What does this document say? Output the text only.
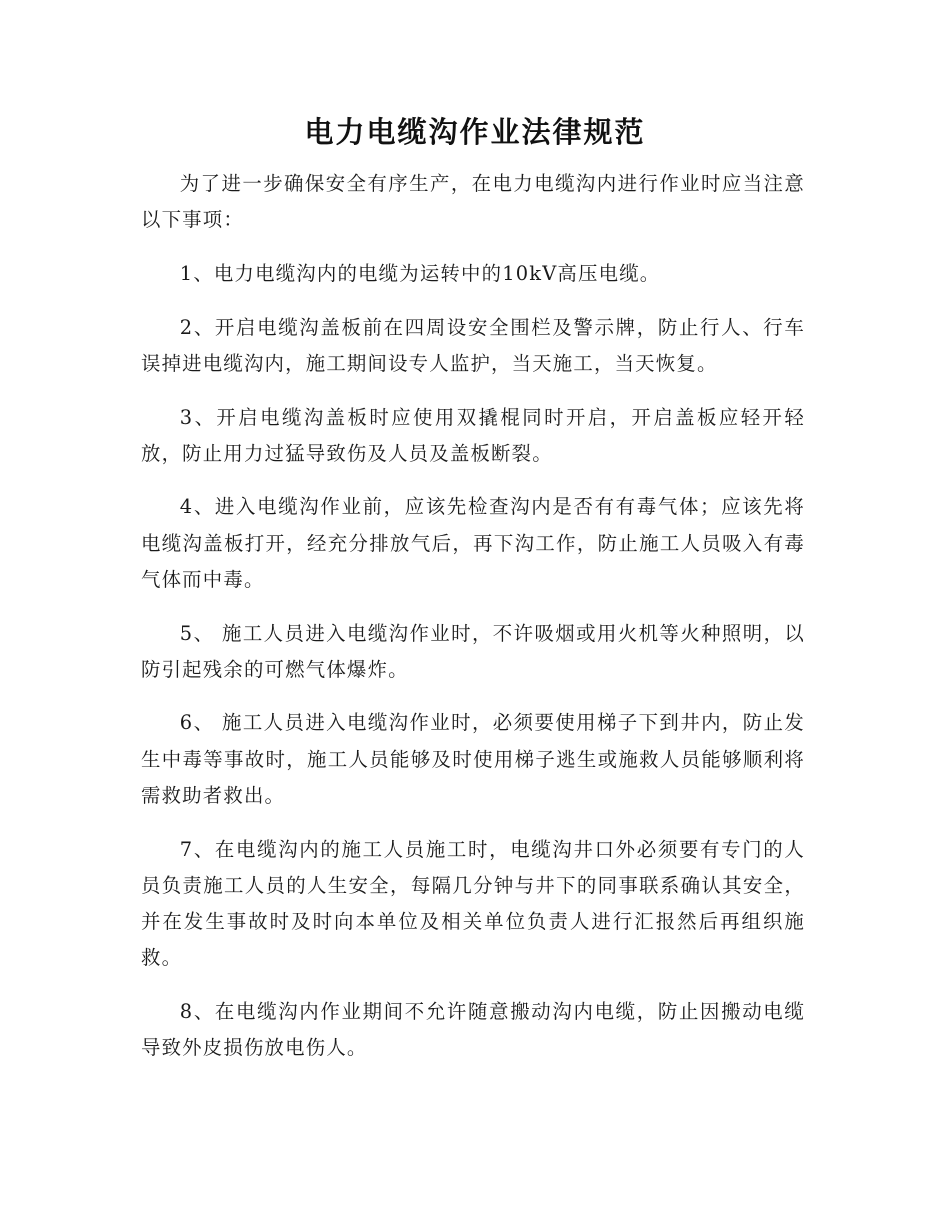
电力电缆沟作业法律规范

为了进一步确保安全有序生产，在电力电缆沟内进行作业时应当注意以下事项：

1、电力电缆沟内的电缆为运转中的10kV高压电缆。

2、开启电缆沟盖板前在四周设安全围栏及警示牌，防止行人、行车误掉进电缆沟内，施工期间设专人监护，当天施工，当天恢复。

3、开启电缆沟盖板时应使用双撬棍同时开启，开启盖板应轻开轻放，防止用力过猛导致伤及人员及盖板断裂。

4、进入电缆沟作业前，应该先检查沟内是否有有毒气体；应该先将电缆沟盖板打开，经充分排放气后，再下沟工作，防止施工人员吸入有毒气体而中毒。

5、 施工人员进入电缆沟作业时，不许吸烟或用火机等火种照明，以防引起残余的可燃气体爆炸。

6、 施工人员进入电缆沟作业时，必须要使用梯子下到井内，防止发生中毒等事故时，施工人员能够及时使用梯子逃生或施救人员能够顺利将需救助者救出。

7、在电缆沟内的施工人员施工时，电缆沟井口外必须要有专门的人员负责施工人员的人生安全，每隔几分钟与井下的同事联系确认其安全，并在发生事故时及时向本单位及相关单位负责人进行汇报然后再组织施救。

8、在电缆沟内作业期间不允许随意搬动沟内电缆，防止因搬动电缆导致外皮损伤放电伤人。
